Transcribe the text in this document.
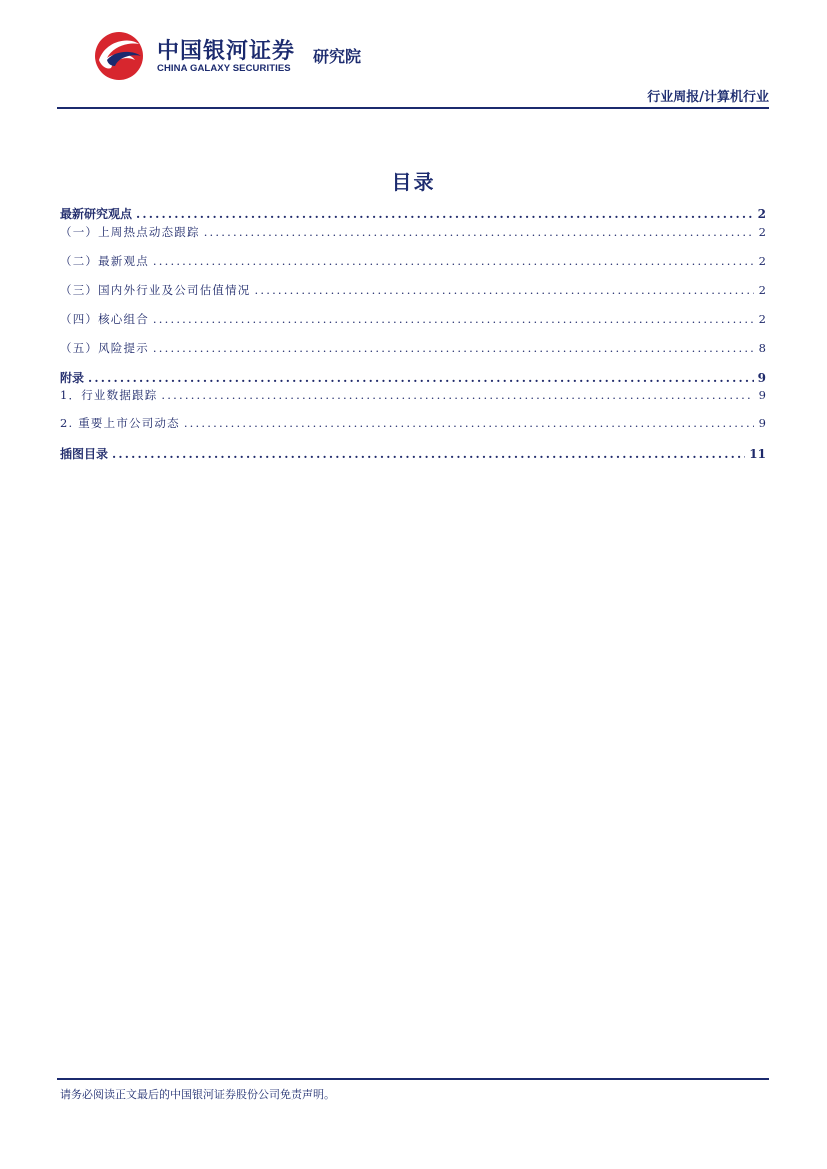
中国银河证券
CHINA GALAXY SECURITIES
研究院
行业周报/计算机行业
目录
最新研究观点 .....	2
（一）上周热点动态跟踪 .....	2
（二）最新观点 .....	2
（三）国内外行业及公司估值情况 .....	2
（四）核心组合 .....	2
（五）风险提示 .....	8
附录 .....	9
1．行业数据跟踪 .....	9
2. 重要上市公司动态 .....	9
插图目录 .....	11
请务必阅读正文最后的中国银河证券股份公司免责声明。
